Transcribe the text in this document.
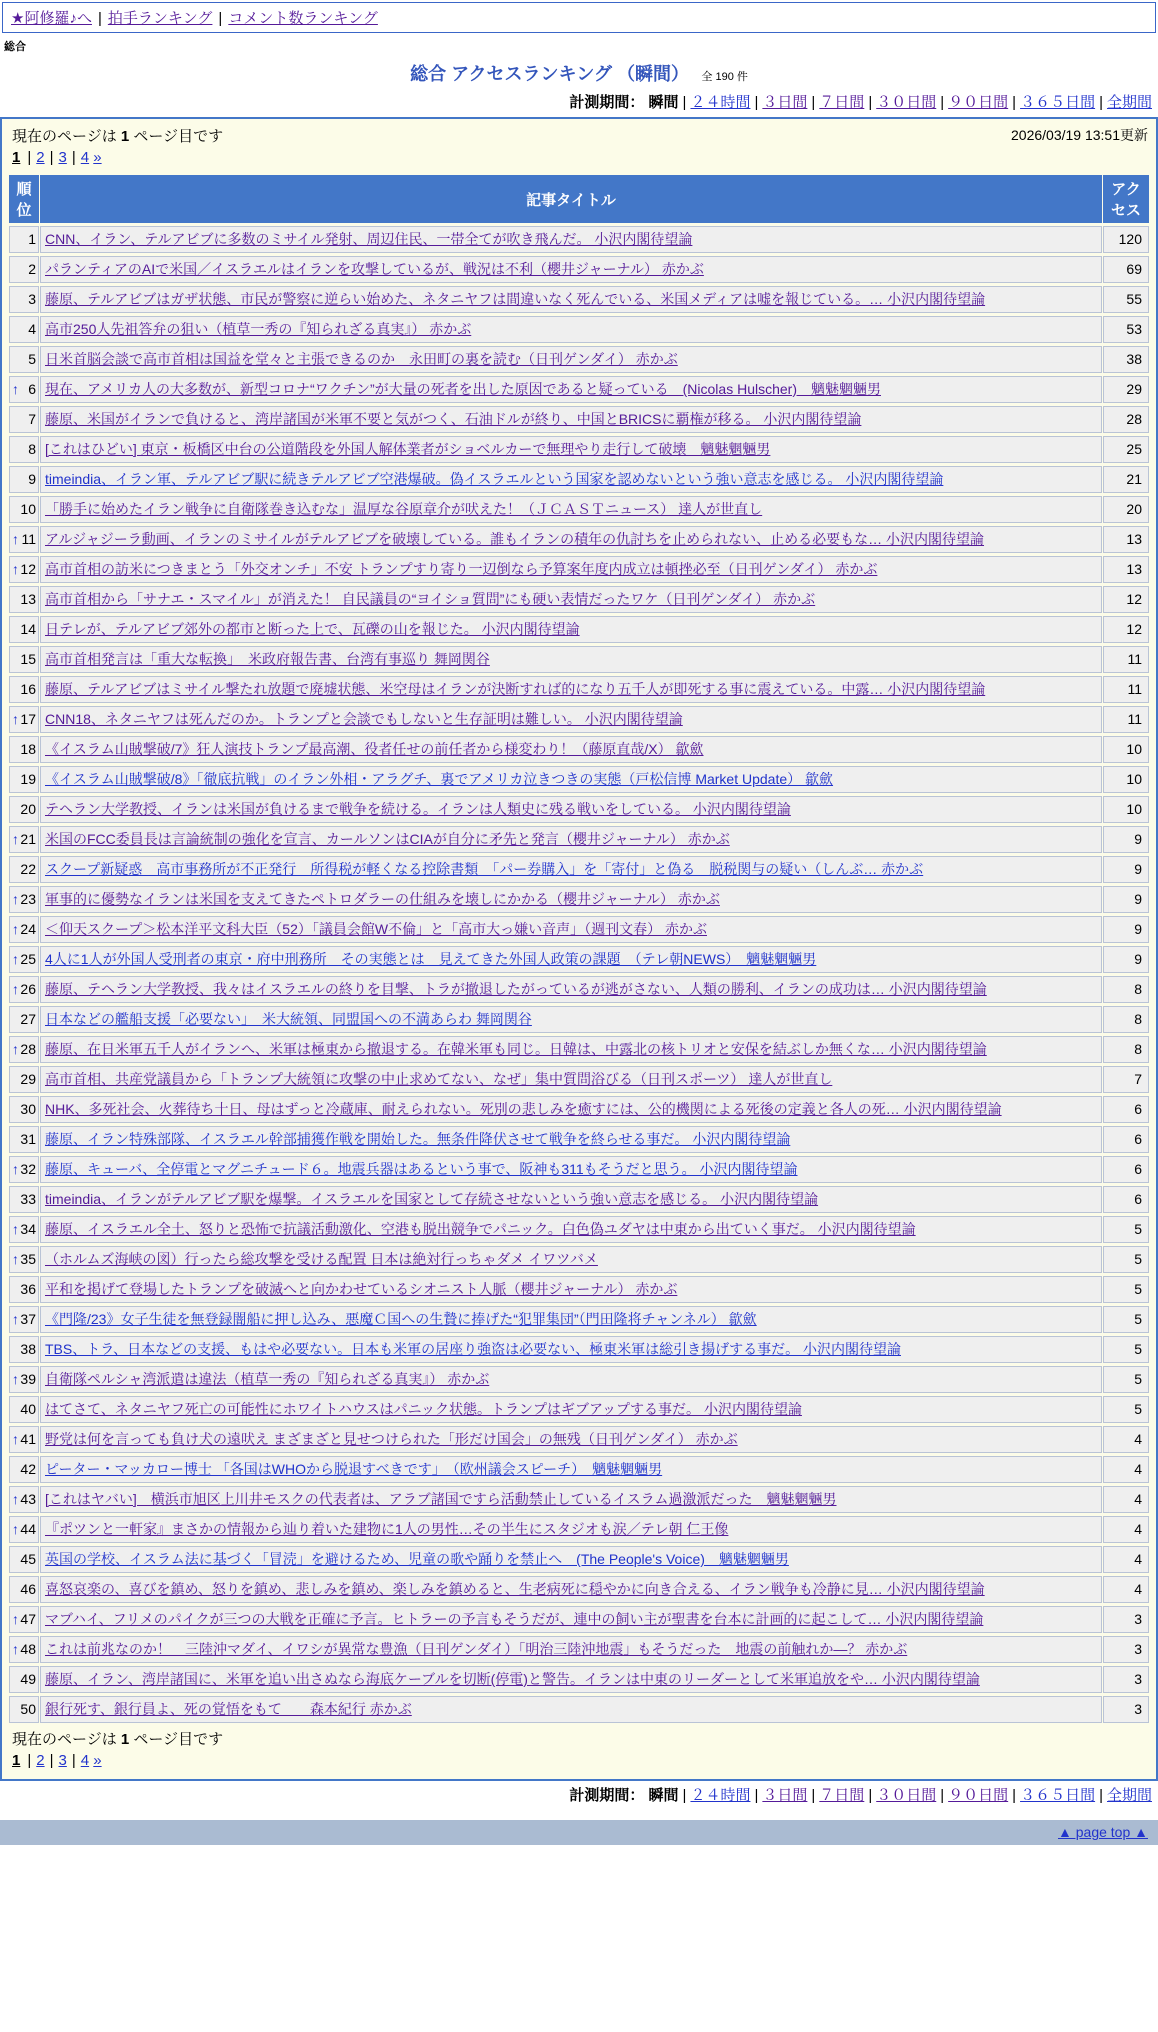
★阿修羅♪へ | 拍手ランキング | コメント数ランキング
総合
総合 アクセスランキング （瞬間） 全 190 件
計測期間： 瞬間 | ２４時間 | ３日間 | ７日間 | ３０日間 | ９０日間 | ３６５日間 | 全期間
現在のページは 1 ページ目です	2026/03/19 13:51更新
1 | 2 | 3 | 4 »
順位	記事タイトル	アクセス
1	CNN、イラン、テルアビブに多数のミサイル発射、周辺住民、一帯全てが吹き飛んだ。 小沢内閣待望論	120
2	パランティアのAIで米国／イスラエルはイランを攻撃しているが、戦況は不利（櫻井ジャーナル） 赤かぶ	69
3	藤原、テルアビブはガザ状態、市民が警察に逆らい始めた、ネタニヤフは間違いなく死んでいる、米国メディアは嘘を報じている。… 小沢内閣待望論	55
4	高市250人先祖答弁の狙い（植草一秀の『知られざる真実』） 赤かぶ	53
5	日米首脳会談で高市首相は国益を堂々と主張できるのか　永田町の裏を読む（日刊ゲンダイ） 赤かぶ	38

↑ 6	現在、アメリカ人の大多数が、新型コロナ“ワクチン”が大量の死者を出した原因であると疑っている　(Nicolas Hulscher)　魑魅魍魎男	29
7	藤原、米国がイランで負けると、湾岸諸国が米軍不要と気がつく、石油ドルが終り、中国とBRICSに覇権が移る。 小沢内閣待望論	28
8	[これはひどい] 東京・板橋区中台の公道階段を外国人解体業者がショベルカーで無理やり走行して破壊　魑魅魍魎男	25
9	timeindia、イラン軍、テルアビブ駅に続きテルアビブ空港爆破。偽イスラエルという国家を認めないという強い意志を感じる。 小沢内閣待望論	21
10	「勝手に始めたイラン戦争に自衛隊巻き込むな」温厚な谷原章介が吠えた！（ＪＣＡＳＴニュース） 達人が世直し	20

↑ 11	アルジャジーラ動画、イランのミサイルがテルアビブを破壊している。誰もイランの積年の仇討ちを止められない、止める必要もな… 小沢内閣待望論	13

↑ 12	高市首相の訪米につきまとう「外交オンチ」不安 トランプすり寄り一辺倒なら予算案年度内成立は頓挫必至（日刊ゲンダイ） 赤かぶ	13
13	高市首相から「サナエ・スマイル」が消えた！ 自民議員の“ヨイショ質問”にも硬い表情だったワケ（日刊ゲンダイ） 赤かぶ	12
14	日テレが、テルアビブ郊外の都市と断った上で、瓦礫の山を報じた。 小沢内閣待望論	12
15	高市首相発言は「重大な転換」　米政府報告書、台湾有事巡り 舞岡関谷	11
16	藤原、テルアビブはミサイル撃たれ放題で廃墟状態、米空母はイランが決断すれば的になり五千人が即死する事に震えている。中露… 小沢内閣待望論	11

↑ 17	CNN18、ネタニヤフは死んだのか。トランプと会談でもしないと生存証明は難しい。 小沢内閣待望論	11
18	《イスラム山賊撃破/7》狂人演技トランプ最高潮、役者任せの前任者から様変わり！（藤原直哉/X） 歙歛	10
19	《イスラム山賊撃破/8》「徹底抗戦」のイラン外相・アラグチ、裏でアメリカ泣きつきの実態（戸松信博 Market Update） 歙歛	10
20	テヘラン大学教授、イランは米国が負けるまで戦争を続ける。イランは人類史に残る戦いをしている。 小沢内閣待望論	10

↑ 21	米国のFCC委員長は言論統制の強化を宣言、カールソンはCIAが自分に矛先と発言（櫻井ジャーナル） 赤かぶ	9
22	スクープ新疑惑　高市事務所が不正発行　所得税が軽くなる控除書類　「パー券購入」を「寄付」と偽る　脱税関与の疑い（しんぶ… 赤かぶ	9

↑ 23	軍事的に優勢なイランは米国を支えてきたペトロダラーの仕組みを壊しにかかる（櫻井ジャーナル） 赤かぶ	9

↑ 24	＜仰天スクープ＞松本洋平文科大臣（52）「議員会館W不倫」と「高市大っ嫌い音声」（週刊文春） 赤かぶ	9

↑ 25	4人に1人が外国人受刑者の東京・府中刑務所　その実態とは　見えてきた外国人政策の課題　（テレ朝NEWS）　魑魅魍魎男	9

↑ 26	藤原、テヘラン大学教授、我々はイスラエルの終りを目撃、トラが撤退したがっているが逃がさない、人類の勝利、イランの成功は… 小沢内閣待望論	8
27	日本などの艦船支援「必要ない」　米大統領、同盟国への不満あらわ 舞岡関谷	8

↑ 28	藤原、在日米軍五千人がイランへ、米軍は極東から撤退する。在韓米軍も同じ。日韓は、中露北の核トリオと安保を結ぶしか無くな… 小沢内閣待望論	8
29	高市首相、共産党議員から「トランプ大統領に攻撃の中止求めてない、なぜ」集中質問浴びる（日刊スポーツ） 達人が世直し	7
30	NHK、多死社会、火葬待ち十日、母はずっと冷蔵庫、耐えられない。死別の悲しみを癒すには、公的機関による死後の定義と各人の死… 小沢内閣待望論	6
31	藤原、イラン特殊部隊、イスラエル幹部捕獲作戦を開始した。無条件降伏させて戦争を終らせる事だ。 小沢内閣待望論	6

↑ 32	藤原、キューバ、全停電とマグニチュード６。地震兵器はあるという事で、阪神も311もそうだと思う。 小沢内閣待望論	6
33	timeindia、イランがテルアビブ駅を爆撃。イスラエルを国家として存続させないという強い意志を感じる。 小沢内閣待望論	6

↑ 34	藤原、イスラエル全土、怒りと恐怖で抗議活動激化、空港も脱出競争でパニック。白色偽ユダヤは中東から出ていく事だ。 小沢内閣待望論	5

↑ 35	（ホルムズ海峡の図）行ったら総攻撃を受ける配置 日本は絶対行っちゃダメ イワツバメ	5
36	平和を掲げて登場したトランプを破滅へと向かわせているシオニスト人脈（櫻井ジャーナル） 赤かぶ	5

↑ 37	《門隆/23》女子生徒を無登録闇船に押し込み、悪魔Ｃ国への生贄に捧げた“犯罪集団”（門田隆将チャンネル） 歙歛	5
38	TBS、トラ、日本などの支援、もはや必要ない。日本も米軍の居座り強盗は必要ない、極東米軍は総引き揚げする事だ。 小沢内閣待望論	5

↑ 39	自衛隊ペルシャ湾派遣は違法（植草一秀の『知られざる真実』） 赤かぶ	5
40	はてさて、ネタニヤフ死亡の可能性にホワイトハウスはパニック状態。トランプはギブアップする事だ。 小沢内閣待望論	5

↑ 41	野党は何を言っても負け犬の遠吠え まざまざと見せつけられた「形だけ国会」の無残（日刊ゲンダイ） 赤かぶ	4
42	ピーター・マッカロー博士 「各国はWHOから脱退すべきです」　（欧州議会スピーチ）　魑魅魍魎男	4

↑ 43	[これはヤバい]　横浜市旭区上川井モスクの代表者は、アラブ諸国ですら活動禁止しているイスラム過激派だった　魑魅魍魎男	4

↑ 44	『ポツンと一軒家』まさかの情報から辿り着いた建物に1人の男性…その半生にスタジオも涙／テレ朝 仁王像	4
45	英国の学校、イスラム法に基づく「冒涜」を避けるため、児童の歌や踊りを禁止へ　(The People's Voice)　魑魅魍魎男	4
46	喜怒哀楽の、喜びを鎮め、怒りを鎮め、悲しみを鎮め、楽しみを鎮めると、生老病死に穏やかに向き合える、イラン戦争も冷静に見… 小沢内閣待望論	4

↑ 47	マブハイ、フリメのパイクが三つの大戦を正確に予言。ヒトラーの予言もそうだが、連中の飼い主が聖書を台本に計画的に起こして… 小沢内閣待望論	3

↑ 48	これは前兆なのか！　三陸沖マダイ、イワシが異常な豊漁（日刊ゲンダイ）「明治三陸沖地震」もそうだった　地震の前触れか―？ 赤かぶ	3
49	藤原、イラン、湾岸諸国に、米軍を追い出さぬなら海底ケーブルを切断(停電)と警告。イランは中東のリーダーとして米軍追放をや… 小沢内閣待望論	3
50	銀行死す、銀行員よ、死の覚悟をもて　　森本紀行 赤かぶ	3
現在のページは 1 ページ目です
1 | 2 | 3 | 4 »
計測期間： 瞬間 | ２４時間 | ３日間 | ７日間 | ３０日間 | ９０日間 | ３６５日間 | 全期間
▲ page top ▲
